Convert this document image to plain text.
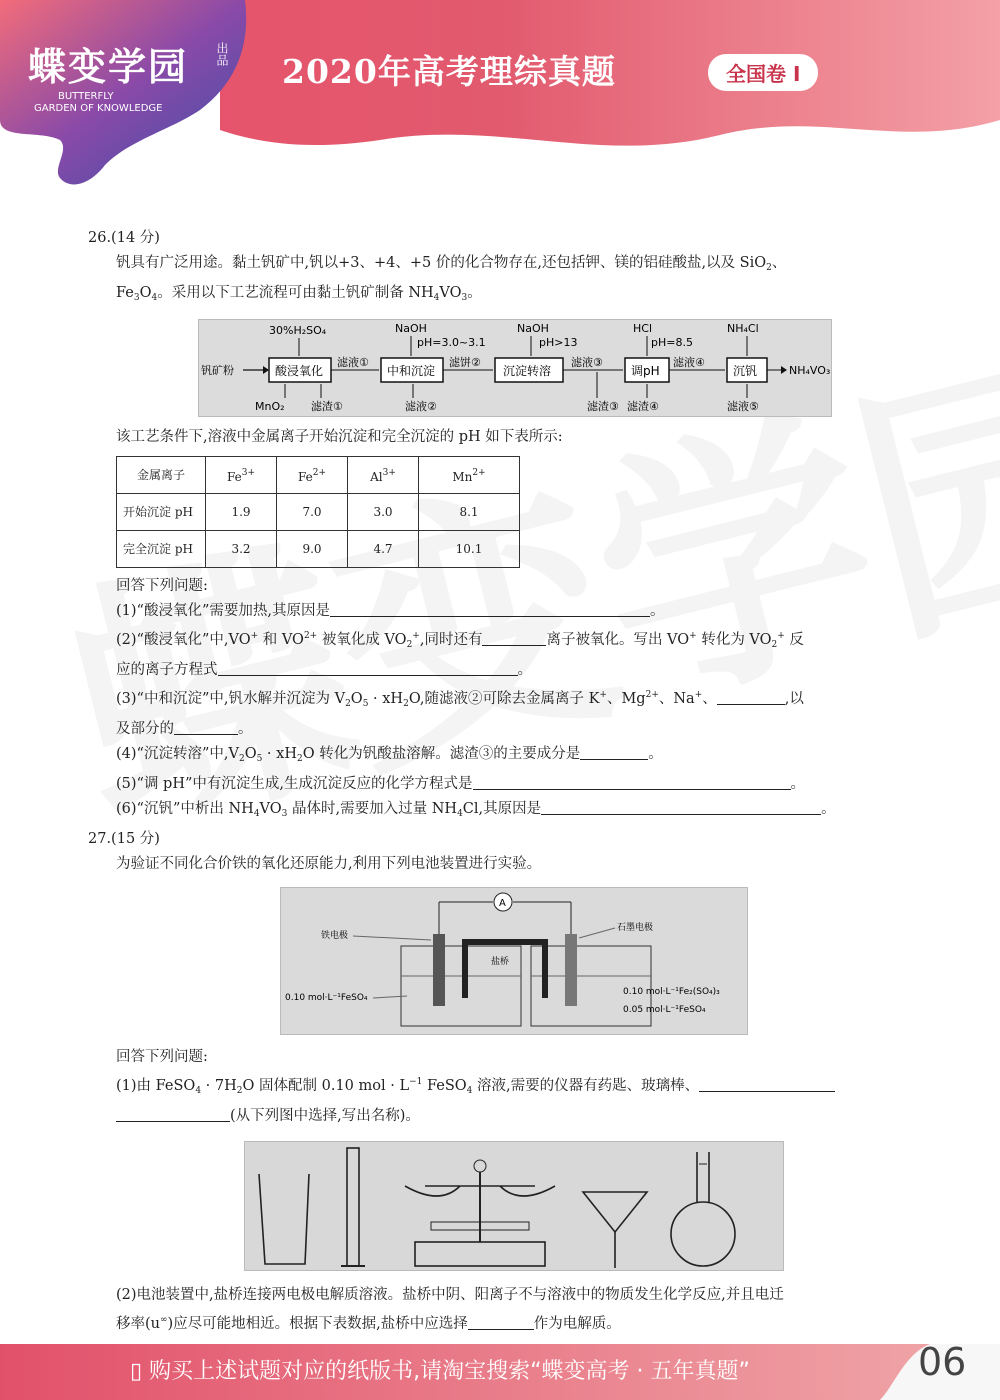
蝶变学园	出品
BUTTERFLY
GARDEN OF KNOWLEDGE
2020年高考理综真题	全国卷 I
26.(14 分)
钒具有广泛用途。黏土钒矿中,钒以+3、+4、+5 价的化合物存在,还包括钾、镁的铝硅酸盐,以及 SiO$_2$、
$Fe_3O_4$。采用以下工艺流程可由黏土钒矿制备 $NH_4VO_3$。
钒矿粉	酸浸氧化
30%H₂SO₄
MnO₂ 滤渣①
滤液①
中和沉淀
NaOH
pH=3.0~3.1
滤液②
滤饼②
沉淀转溶
NaOH
pH>13
滤液③
滤渣③
调pH
HCl
pH=8.5
滤渣④
滤液④
沉钒
NH₄Cl
滤液⑤
NH₄VO₃
该工艺条件下,溶液中金属离子开始沉淀和完全沉淀的 pH 如下表所示:
金属离子	$Fe^{3+}$	$Fe^{2+}$	$Al^{3+}$	$Mn^{2+}$
开始沉淀 pH	1.9	7.0	3.0	8.1
完全沉淀 pH	3.2	9.0	4.7	10.1
回答下列问题:
(1)“酸浸氧化”需要加热,其原因是	。
(2)“酸浸氧化”中,VO+ 和 $VO^{2+}$ 被氧化成 $VO_2^+$,同时还有	离子被氧化。写出 VO+ 转化为 $VO_2^+$ 反
应的离子方程式	。
(3)“中和沉淀”中,钒水解并沉淀为 $V_2O_5 \cdot xH_2O$,随滤液②可除去金属离子 K+、$Mg^{2+}$、Na+、	,以
及部分的	。
(4)“沉淀转溶”中$,V_2O_5 \cdot xH_2O$ 转化为钒酸盐溶解。滤渣③的主要成分是	。
(5)“调 pH”中有沉淀生成,生成沉淀反应的化学方程式是	。
(6)“沉钒”中析出 $NH_4VO_3$ 晶体时,需要加入过量 $NH_4Cl$,其原因是	。
27.(15 分)
为验证不同化合价铁的氧化还原能力,利用下列电池装置进行实验。
A
铁电极
石墨电极
盐桥
0.10 mol·L⁻¹FeSO₄
0.10 mol·L⁻¹Fe₂(SO₄)₃
0.05 mol·L⁻¹FeSO₄
回答下列问题:
(1)由 FeSO$_4$ · $7H_2O$ 固体配制 0.10 mol · $L^{-1}$ FeSO$_4$ 溶液,需要的仪器有药匙、玻璃棒、
(从下列图中选择,写出名称)。
(2)电池装置中,盐桥连接两电极电解质溶液。盐桥中阴、阳离子不与溶液中的物质发生化学反应,并且电迁
移率(u∞)应尽可能地相近。根据下表数据,盐桥中应选择	作为电解质。
▯ 购买上述试题对应的纸版书,请淘宝搜索“蝶变高考 · 五年真题”	06
